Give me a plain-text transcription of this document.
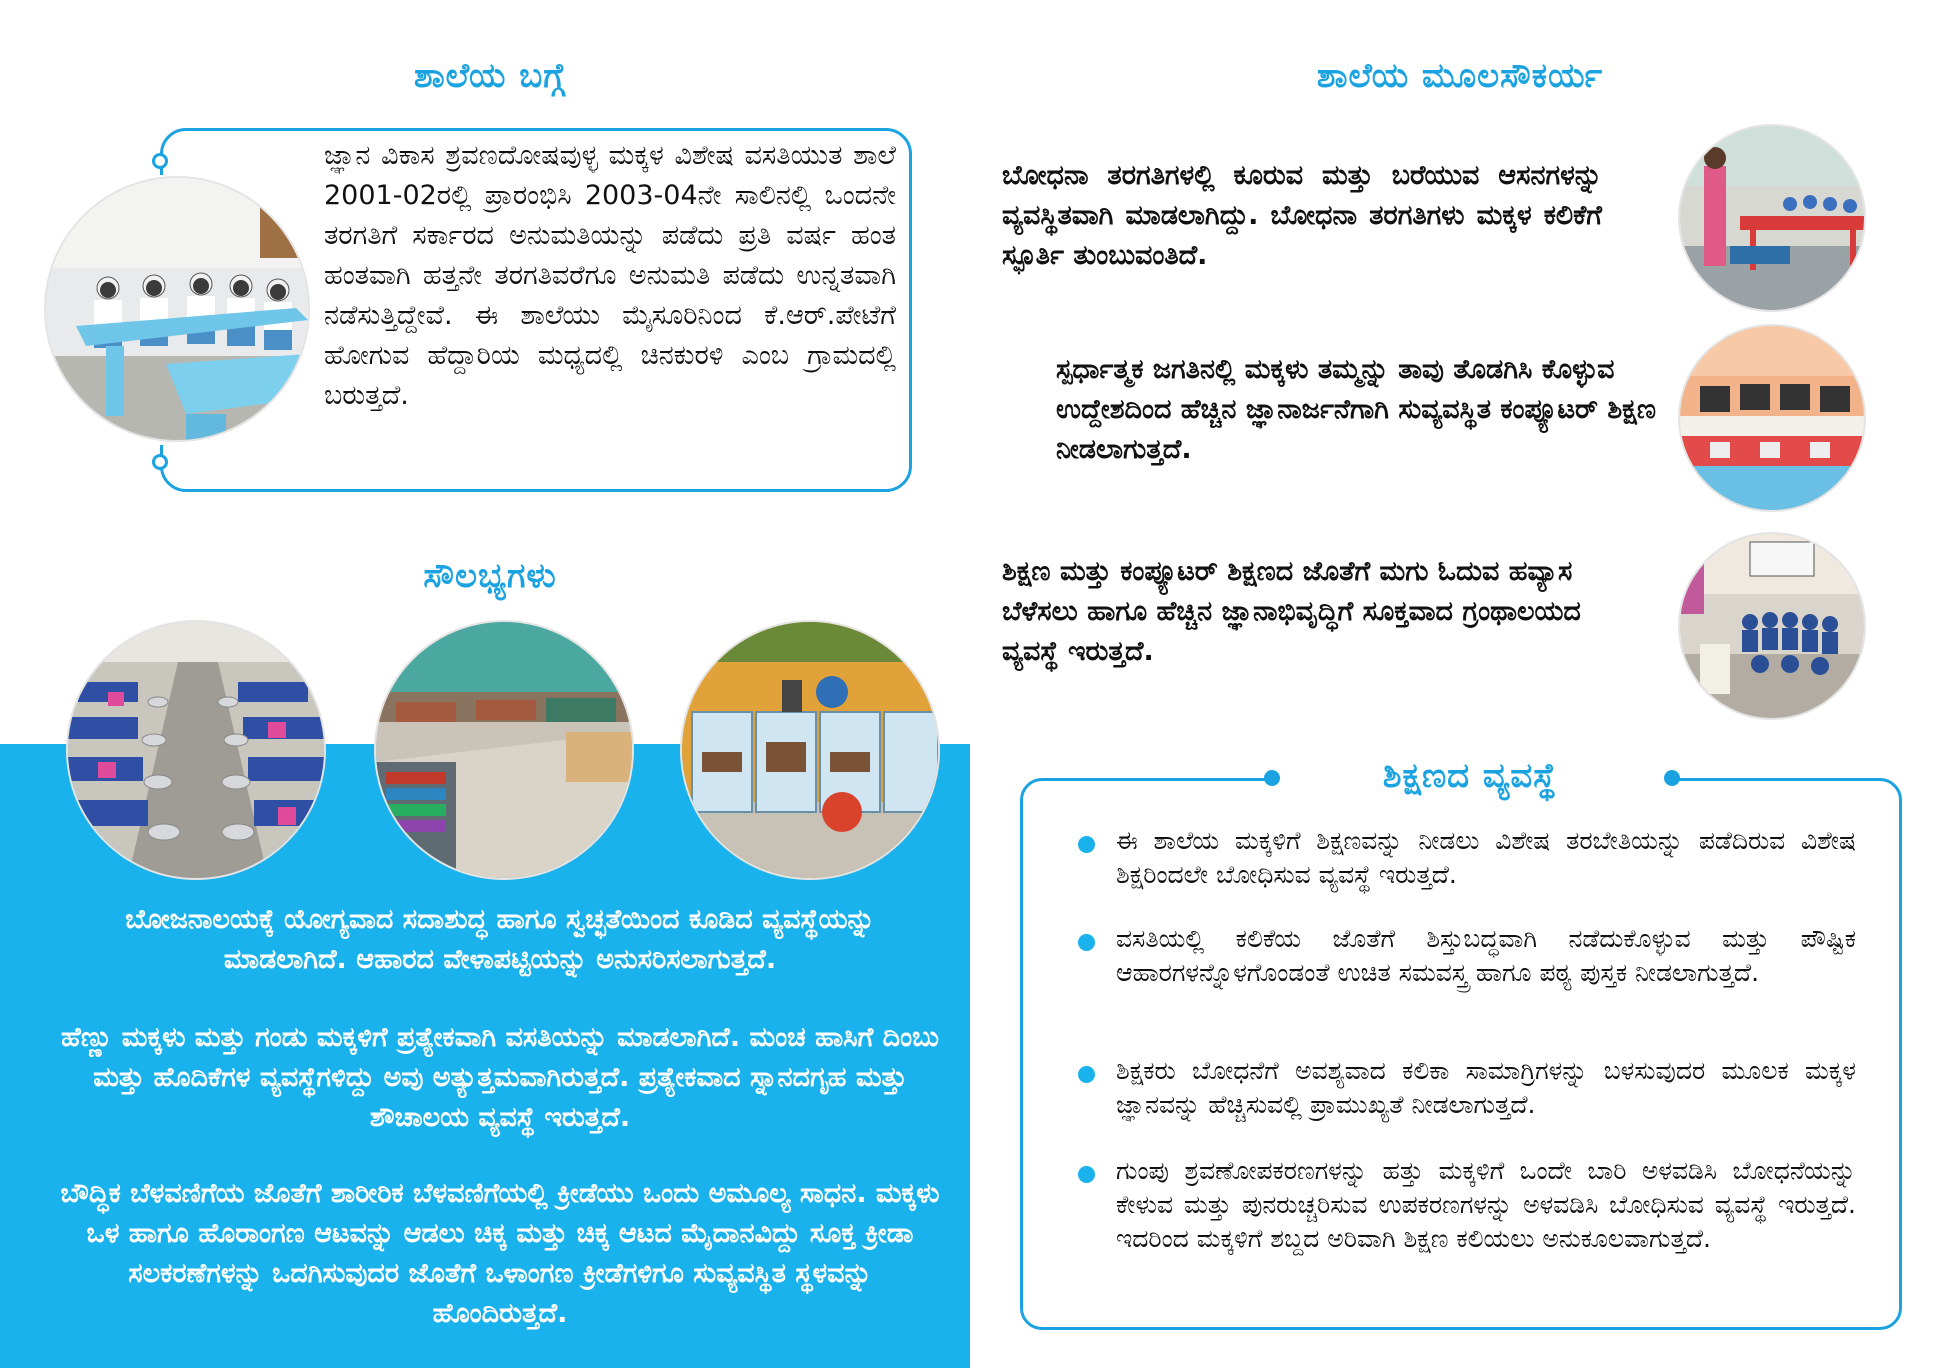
ಶಾಲೆಯ ಬಗ್ಗೆ
ಜ್ಞಾನ ವಿಕಾಸ ಶ್ರವಣದೋಷವುಳ್ಳ ಮಕ್ಕಳ ವಿಶೇಷ ವಸತಿಯುತ ಶಾಲೆ 2001-02ರಲ್ಲಿ ಪ್ರಾರಂಭಿಸಿ 2003-04ನೇ ಸಾಲಿನಲ್ಲಿ ಒಂದನೇ ತರಗತಿಗೆ ಸರ್ಕಾರದ ಅನುಮತಿಯನ್ನು ಪಡೆದು ಪ್ರತಿ ವರ್ಷ ಹಂತ ಹಂತವಾಗಿ ಹತ್ತನೇ ತರಗತಿವರೆಗೂ ಅನುಮತಿ ಪಡೆದು ಉನ್ನತವಾಗಿ ನಡೆಸುತ್ತಿದ್ದೇವೆ. ಈ ಶಾಲೆಯು ಮೈಸೂರಿನಿಂದ ಕೆ.ಆರ್.ಪೇಟೆಗೆ ಹೋಗುವ ಹೆದ್ದಾರಿಯ ಮಧ್ಯದಲ್ಲಿ ಚಿನಕುರಳಿ ಎಂಬ ಗ್ರಾಮದಲ್ಲಿ ಬರುತ್ತದೆ.
ಸೌಲಭ್ಯಗಳು
ಬೋಜನಾಲಯಕ್ಕೆ ಯೋಗ್ಯವಾದ ಸದಾಶುದ್ಧ ಹಾಗೂ ಸ್ವಚ್ಛತೆಯಿಂದ ಕೂಡಿದ ವ್ಯವಸ್ಥೆಯನ್ನು ಮಾಡಲಾಗಿದೆ. ಆಹಾರದ ವೇಳಾಪಟ್ಟಿಯನ್ನು ಅನುಸರಿಸಲಾಗುತ್ತದೆ.
ಹೆಣ್ಣು ಮಕ್ಕಳು ಮತ್ತು ಗಂಡು ಮಕ್ಕಳಿಗೆ ಪ್ರತ್ಯೇಕವಾಗಿ ವಸತಿಯನ್ನು ಮಾಡಲಾಗಿದೆ. ಮಂಚ ಹಾಸಿಗೆ ದಿಂಬು ಮತ್ತು ಹೊದಿಕೆಗಳ ವ್ಯವಸ್ಥೆಗಳಿದ್ದು ಅವು ಅತ್ಯುತ್ತಮವಾಗಿರುತ್ತದೆ. ಪ್ರತ್ಯೇಕವಾದ ಸ್ನಾನದಗೃಹ ಮತ್ತು ಶೌಚಾಲಯ ವ್ಯವಸ್ಥೆ ಇರುತ್ತದೆ.
ಬೌದ್ಧಿಕ ಬೆಳವಣಿಗೆಯ ಜೊತೆಗೆ ಶಾರೀರಿಕ ಬೆಳವಣಿಗೆಯಲ್ಲಿ ಕ್ರೀಡೆಯು ಒಂದು ಅಮೂಲ್ಯ ಸಾಧನ. ಮಕ್ಕಳು ಒಳ ಹಾಗೂ ಹೊರಾಂಗಣ ಆಟವನ್ನು ಆಡಲು ಚಿಕ್ಕ ಮತ್ತು ಚಿಕ್ಕ ಆಟದ ಮೈದಾನವಿದ್ದು ಸೂಕ್ತ ಕ್ರೀಡಾ ಸಲಕರಣೆಗಳನ್ನು ಒದಗಿಸುವುದರ ಜೊತೆಗೆ ಒಳಾಂಗಣ ಕ್ರೀಡೆಗಳಿಗೂ ಸುವ್ಯವಸ್ಥಿತ ಸ್ಥಳವನ್ನು ಹೊಂದಿರುತ್ತದೆ.
ಶಾಲೆಯ ಮೂಲಸೌಕರ್ಯ
ಬೋಧನಾ ತರಗತಿಗಳಲ್ಲಿ ಕೂರುವ ಮತ್ತು ಬರೆಯುವ ಆಸನಗಳನ್ನು ವ್ಯವಸ್ಥಿತವಾಗಿ ಮಾಡಲಾಗಿದ್ದು. ಬೋಧನಾ ತರಗತಿಗಳು ಮಕ್ಕಳ ಕಲಿಕೆಗೆ ಸ್ಫೂರ್ತಿ ತುಂಬುವಂತಿದೆ.
ಸ್ಪರ್ಧಾತ್ಮಕ ಜಗತಿನಲ್ಲಿ ಮಕ್ಕಳು ತಮ್ಮನ್ನು ತಾವು ತೊಡಗಿಸಿ ಕೊಳ್ಳುವ ಉದ್ದೇಶದಿಂದ ಹೆಚ್ಚಿನ ಜ್ಞಾನಾರ್ಜನೆಗಾಗಿ ಸುವ್ಯವಸ್ಥಿತ ಕಂಪ್ಯೂಟರ್ ಶಿಕ್ಷಣ ನೀಡಲಾಗುತ್ತದೆ.
ಶಿಕ್ಷಣ ಮತ್ತು ಕಂಪ್ಯೂಟರ್ ಶಿಕ್ಷಣದ ಜೊತೆಗೆ ಮಗು ಓದುವ ಹವ್ಯಾಸ ಬೆಳೆಸಲು ಹಾಗೂ ಹೆಚ್ಚಿನ ಜ್ಞಾನಾಭಿವೃದ್ಧಿಗೆ ಸೂಕ್ತವಾದ ಗ್ರಂಥಾಲಯದ ವ್ಯವಸ್ಥೆ ಇರುತ್ತದೆ.
ಶಿಕ್ಷಣದ ವ್ಯವಸ್ಥೆ
ಈ ಶಾಲೆಯ ಮಕ್ಕಳಿಗೆ ಶಿಕ್ಷಣವನ್ನು ನೀಡಲು ವಿಶೇಷ ತರಬೇತಿಯನ್ನು ಪಡೆದಿರುವ ವಿಶೇಷ ಶಿಕ್ಷರಿಂದಲೇ ಬೋಧಿಸುವ ವ್ಯವಸ್ಥೆ ಇರುತ್ತದೆ.
ವಸತಿಯಲ್ಲಿ ಕಲಿಕೆಯ ಜೊತೆಗೆ ಶಿಸ್ತುಬದ್ಧವಾಗಿ ನಡೆದುಕೊಳ್ಳುವ ಮತ್ತು ಪೌಷ್ಟಿಕ ಆಹಾರಗಳನ್ನೊಳಗೊಂಡಂತೆ ಉಚಿತ ಸಮವಸ್ತ್ರ ಹಾಗೂ ಪಠ್ಯ ಪುಸ್ತಕ ನೀಡಲಾಗುತ್ತದೆ.
ಶಿಕ್ಷಕರು ಬೋಧನೆಗೆ ಅವಶ್ಯವಾದ ಕಲಿಕಾ ಸಾಮಾಗ್ರಿಗಳನ್ನು ಬಳಸುವುದರ ಮೂಲಕ ಮಕ್ಕಳ ಜ್ಞಾನವನ್ನು ಹೆಚ್ಚಿಸುವಲ್ಲಿ ಪ್ರಾಮುಖ್ಯತೆ ನೀಡಲಾಗುತ್ತದೆ.
ಗುಂಪು ಶ್ರವಣೋಪಕರಣಗಳನ್ನು ಹತ್ತು ಮಕ್ಕಳಿಗೆ ಒಂದೇ ಬಾರಿ ಅಳವಡಿಸಿ ಬೋಧನೆಯನ್ನು ಕೇಳುವ ಮತ್ತು ಪುನರುಚ್ಚರಿಸುವ ಉಪಕರಣಗಳನ್ನು ಅಳವಡಿಸಿ ಬೋಧಿಸುವ ವ್ಯವಸ್ಥೆ ಇರುತ್ತದೆ. ಇದರಿಂದ ಮಕ್ಕಳಿಗೆ ಶಬ್ದದ ಅರಿವಾಗಿ ಶಿಕ್ಷಣ ಕಲಿಯಲು ಅನುಕೂಲವಾಗುತ್ತದೆ.
